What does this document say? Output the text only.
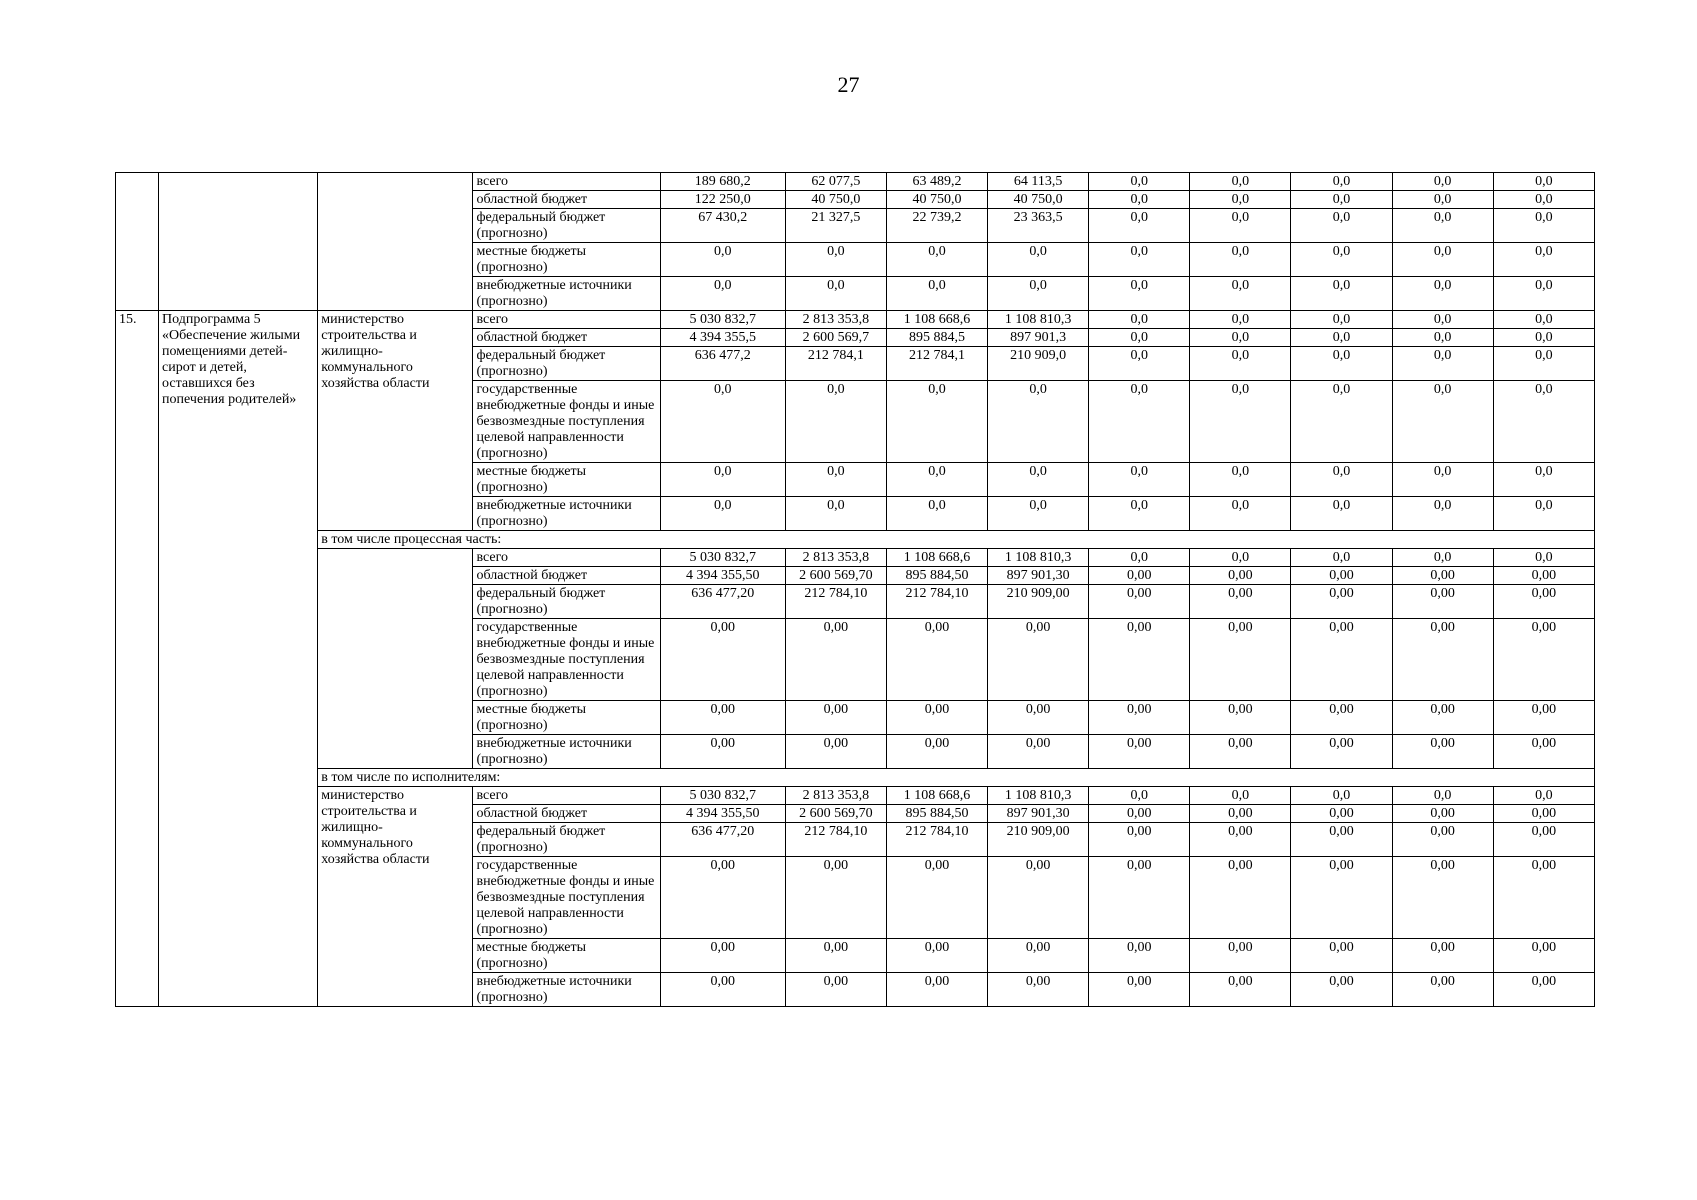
27
			всего	189 680,2	62 077,5	63 489,2	64 113,5	0,0	0,0	0,0	0,0	0,0
			областной бюджет	122 250,0	40 750,0	40 750,0	40 750,0	0,0	0,0	0,0	0,0	0,0
			федеральный бюджет (прогнозно)	67 430,2	21 327,5	22 739,2	23 363,5	0,0	0,0	0,0	0,0	0,0
			местные бюджеты (прогнозно)	0,0	0,0	0,0	0,0	0,0	0,0	0,0	0,0	0,0
			внебюджетные источники (прогнозно)	0,0	0,0	0,0	0,0	0,0	0,0	0,0	0,0	0,0
15.	Подпрограмма 5 «Обеспечение жилыми помещениями детей-сирот и детей, оставшихся без попечения родителей»	министерство строительства и жилищно-коммунального хозяйства области	всего	5 030 832,7	2 813 353,8	1 108 668,6	1 108 810,3	0,0	0,0	0,0	0,0	0,0
			областной бюджет	4 394 355,5	2 600 569,7	895 884,5	897 901,3	0,0	0,0	0,0	0,0	0,0
			федеральный бюджет (прогнозно)	636 477,2	212 784,1	212 784,1	210 909,0	0,0	0,0	0,0	0,0	0,0
			государственные внебюджетные фонды и иные безвозмездные поступления целевой направленности (прогнозно)	0,0	0,0	0,0	0,0	0,0	0,0	0,0	0,0	0,0
			местные бюджеты (прогнозно)	0,0	0,0	0,0	0,0	0,0	0,0	0,0	0,0	0,0
			внебюджетные источники (прогнозно)	0,0	0,0	0,0	0,0	0,0	0,0	0,0	0,0	0,0
		в том числе процессная часть:										
			всего	5 030 832,7	2 813 353,8	1 108 668,6	1 108 810,3	0,0	0,0	0,0	0,0	0,0
			областной бюджет	4 394 355,50	2 600 569,70	895 884,50	897 901,30	0,00	0,00	0,00	0,00	0,00
			федеральный бюджет (прогнозно)	636 477,20	212 784,10	212 784,10	210 909,00	0,00	0,00	0,00	0,00	0,00
			государственные внебюджетные фонды и иные безвозмездные поступления целевой направленности (прогнозно)	0,00	0,00	0,00	0,00	0,00	0,00	0,00	0,00	0,00
			местные бюджеты (прогнозно)	0,00	0,00	0,00	0,00	0,00	0,00	0,00	0,00	0,00
			внебюджетные источники (прогнозно)	0,00	0,00	0,00	0,00	0,00	0,00	0,00	0,00	0,00
		в том числе по исполнителям:										
		министерство строительства и жилищно-коммунального хозяйства области	всего	5 030 832,7	2 813 353,8	1 108 668,6	1 108 810,3	0,0	0,0	0,0	0,0	0,0
			областной бюджет	4 394 355,50	2 600 569,70	895 884,50	897 901,30	0,00	0,00	0,00	0,00	0,00
			федеральный бюджет (прогнозно)	636 477,20	212 784,10	212 784,10	210 909,00	0,00	0,00	0,00	0,00	0,00
			государственные внебюджетные фонды и иные безвозмездные поступления целевой направленности (прогнозно)	0,00	0,00	0,00	0,00	0,00	0,00	0,00	0,00	0,00
			местные бюджеты (прогнозно)	0,00	0,00	0,00	0,00	0,00	0,00	0,00	0,00	0,00
			внебюджетные источники (прогнозно)	0,00	0,00	0,00	0,00	0,00	0,00	0,00	0,00	0,00
